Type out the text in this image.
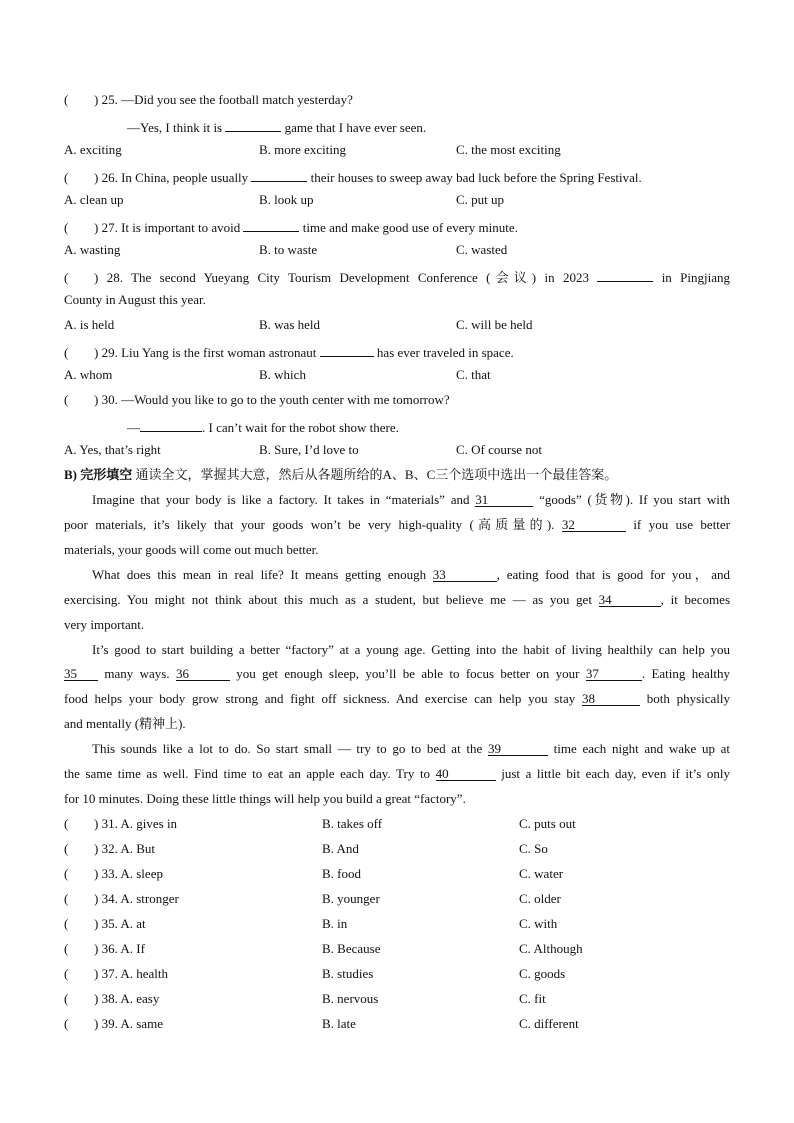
( ) 25. —Did you see the football match yesterday?
—Yes, I think it is	game that I have ever seen.
A. exciting	B. more exciting	C. the most exciting
( ) 26. In China, people usually	their houses to sweep away bad luck before the Spring Festival.
A. clean up	B. look up	C. put up
( ) 27. It is important to avoid	time and make good use of every minute.
A. wasting	B. to waste	C. wasted
( ) 28. The second Yueyang City Tourism Development Conference (会议) in 2023	in Pingjiang
County in August this year.
A. is held	B. was held	C. will be held
( ) 29. Liu Yang is the first woman astronaut	has ever traveled in space.
A. whom	B. which	C. that
( ) 30. —Would you like to go to the youth center with me tomorrow?
—	. I can’t wait for the robot show there.
A. Yes, that’s right	B. Sure, I’d love to	C. Of course not
B) 完形填空 通读全文，掌握其大意，然后从各题所给的A、B、C三个选项中选出一个最佳答案。
Imagine that your body is like a factory. It takes in “materials” and 31	“goods” (货物). If you start with
poor materials, it’s likely that your goods won’t be very high-quality (高质量的). 32	if you use better
materials, your goods will come out much better.
What does this mean in real life? It means getting enough 33	, eating food that is good for you，and
exercising. You might not think about this much as a student, but believe me — as you get 34	, it becomes
very important.
It’s good to start building a better “factory” at a young age. Getting into the habit of living healthily can help you
35 many ways. 36	you get enough sleep, you’ll be able to focus better on your 37	. Eating healthy
food helps your body grow strong and fight off sickness. And exercise can help you stay 38	both physically
and mentally (精神上).
This sounds like a lot to do. So start small — try to go to bed at the 39	time each night and wake up at
the same time as well. Find time to eat an apple each day. Try to 40	just a little bit each day, even if it’s only
for 10 minutes. Doing these little things will help you build a great “factory”.
( ) 31. A. gives in	B. takes off	C. puts out
( ) 32. A. But	B. And	C. So
( ) 33. A. sleep	B. food	C. water
( ) 34. A. stronger	B. younger	C. older
( ) 35. A. at	B. in	C. with
( ) 36. A. If	B. Because	C. Although
( ) 37. A. health	B. studies	C. goods
( ) 38. A. easy	B. nervous	C. fit
( ) 39. A. same	B. late	C. different
